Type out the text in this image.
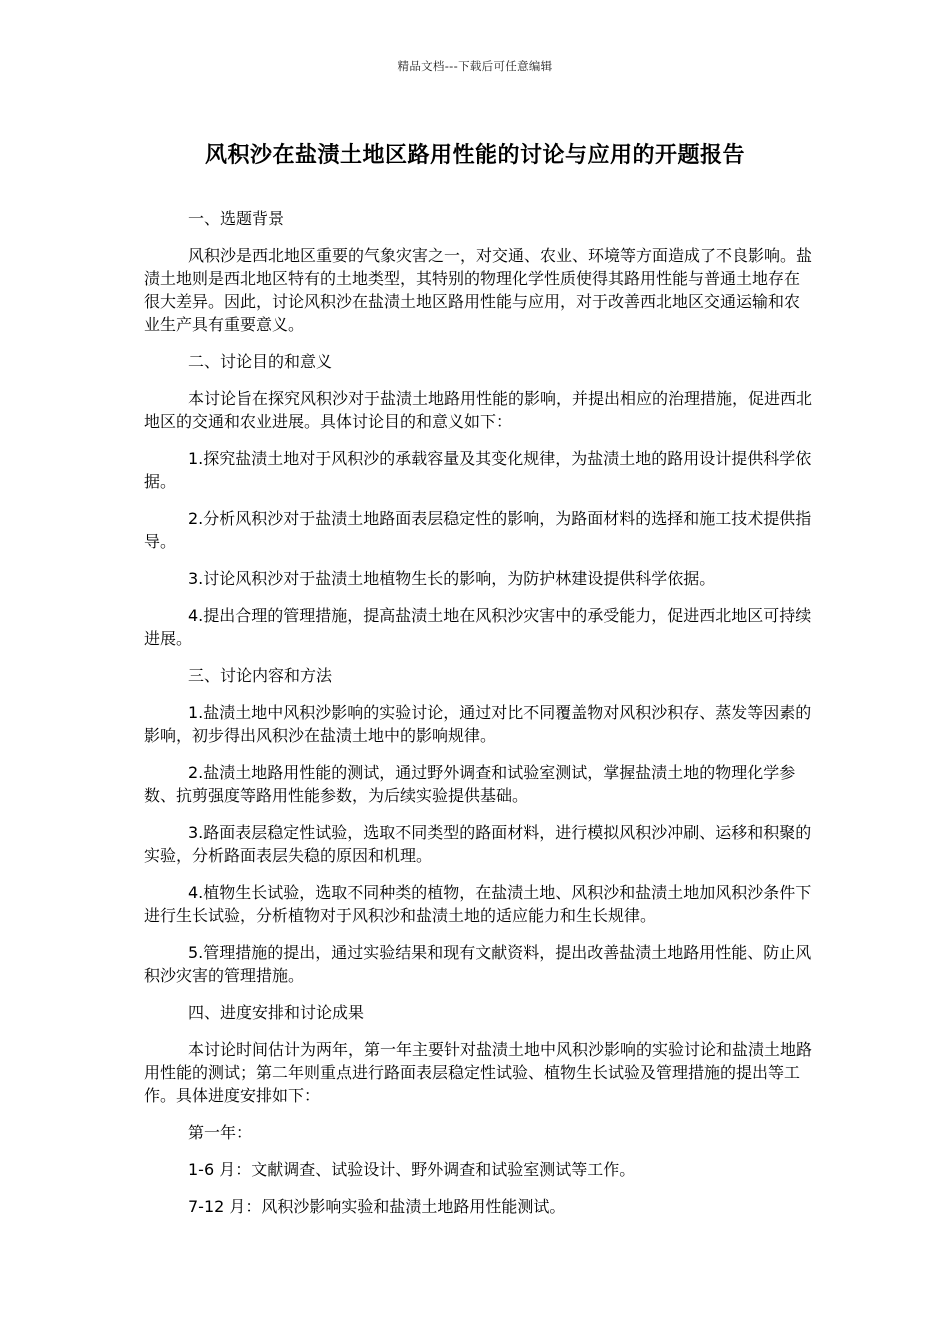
精品文档---下载后可任意编辑
风积沙在盐渍土地区路用性能的讨论与应用的开题报告

一、选题背景

风积沙是西北地区重要的气象灾害之一，对交通、农业、环境等方面造成了不良影响。盐渍土地则是西北地区特有的土地类型，其特别的物理化学性质使得其路用性能与普通土地存在很大差异。因此，讨论风积沙在盐渍土地区路用性能与应用，对于改善西北地区交通运输和农业生产具有重要意义。

二、讨论目的和意义

本讨论旨在探究风积沙对于盐渍土地路用性能的影响，并提出相应的治理措施，促进西北地区的交通和农业进展。具体讨论目的和意义如下：

1.探究盐渍土地对于风积沙的承载容量及其变化规律，为盐渍土地的路用设计提供科学依据。

2.分析风积沙对于盐渍土地路面表层稳定性的影响，为路面材料的选择和施工技术提供指导。

3.讨论风积沙对于盐渍土地植物生长的影响，为防护林建设提供科学依据。

4.提出合理的管理措施，提高盐渍土地在风积沙灾害中的承受能力，促进西北地区可持续进展。

三、讨论内容和方法

1.盐渍土地中风积沙影响的实验讨论，通过对比不同覆盖物对风积沙积存、蒸发等因素的影响，初步得出风积沙在盐渍土地中的影响规律。

2.盐渍土地路用性能的测试，通过野外调查和试验室测试，掌握盐渍土地的物理化学参数、抗剪强度等路用性能参数，为后续实验提供基础。

3.路面表层稳定性试验，选取不同类型的路面材料，进行模拟风积沙冲刷、运移和积聚的实验，分析路面表层失稳的原因和机理。

4.植物生长试验，选取不同种类的植物，在盐渍土地、风积沙和盐渍土地加风积沙条件下进行生长试验，分析植物对于风积沙和盐渍土地的适应能力和生长规律。

5.管理措施的提出，通过实验结果和现有文献资料，提出改善盐渍土地路用性能、防止风积沙灾害的管理措施。

四、进度安排和讨论成果

本讨论时间估计为两年，第一年主要针对盐渍土地中风积沙影响的实验讨论和盐渍土地路用性能的测试；第二年则重点进行路面表层稳定性试验、植物生长试验及管理措施的提出等工作。具体进度安排如下：

第一年：

1-6 月：文献调查、试验设计、野外调查和试验室测试等工作。

7-12 月：风积沙影响实验和盐渍土地路用性能测试。
